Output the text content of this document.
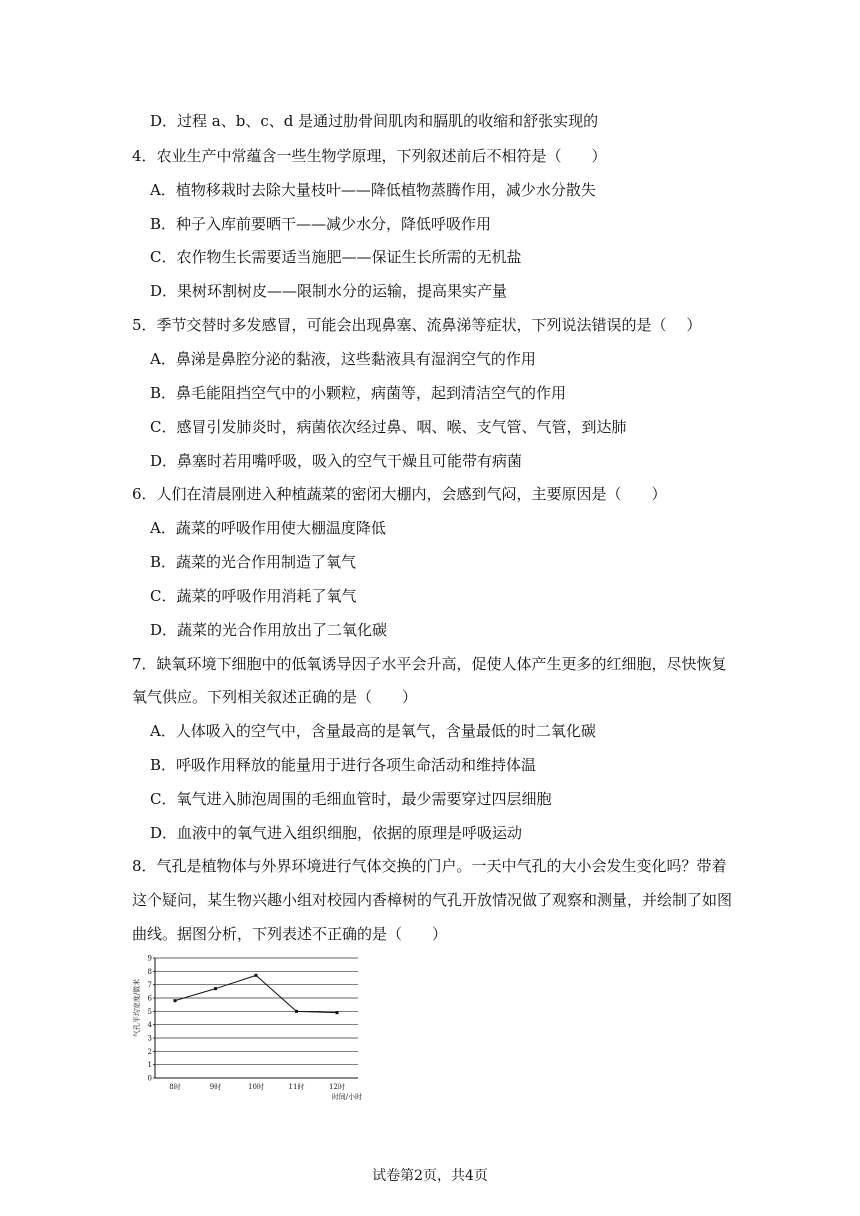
D．过程 a、b、c、d 是通过肋骨间肌肉和膈肌的收缩和舒张实现的
4．农业生产中常蕴含一些生物学原理，下列叙述前后不相符是（　　）
A．植物移栽时去除大量枝叶——降低植物蒸腾作用，减少水分散失
B．种子入库前要晒干——减少水分，降低呼吸作用
C．农作物生长需要适当施肥——保证生长所需的无机盐
D．果树环割树皮——限制水分的运输，提高果实产量
5．季节交替时多发感冒，可能会出现鼻塞、流鼻涕等症状，下列说法错误的是（　 ）
A．鼻涕是鼻腔分泌的黏液，这些黏液具有湿润空气的作用
B．鼻毛能阻挡空气中的小颗粒，病菌等，起到清洁空气的作用
C．感冒引发肺炎时，病菌依次经过鼻、咽、喉、支气管、气管，到达肺
D．鼻塞时若用嘴呼吸，吸入的空气干燥且可能带有病菌
6．人们在清晨刚进入种植蔬菜的密闭大棚内，会感到气闷，主要原因是（　　）
A．蔬菜的呼吸作用使大棚温度降低
B．蔬菜的光合作用制造了氧气
C．蔬菜的呼吸作用消耗了氧气
D．蔬菜的光合作用放出了二氧化碳
7．缺氧环境下细胞中的低氧诱导因子水平会升高，促使人体产生更多的红细胞，尽快恢复
氧气供应。下列相关叙述正确的是（　　）
A．人体吸入的空气中，含量最高的是氧气，含量最低的时二氧化碳
B．呼吸作用释放的能量用于进行各项生命活动和维持体温
C．氧气进入肺泡周围的毛细血管时，最少需要穿过四层细胞
D．血液中的氧气进入组织细胞，依据的原理是呼吸运动
8．气孔是植物体与外界环境进行气体交换的门户。一天中气孔的大小会发生变化吗？带着
这个疑问，某生物兴趣小组对校园内香樟树的气孔开放情况做了观察和测量，并绘制了如图
曲线。据图分析，下列表述不正确的是（　　）
0
1
2
3
4
5
6
7
8
9
8时	9时	10时	11时	12时
时间/小时
气孔平均宽度/微米
试卷第2页，共4页
